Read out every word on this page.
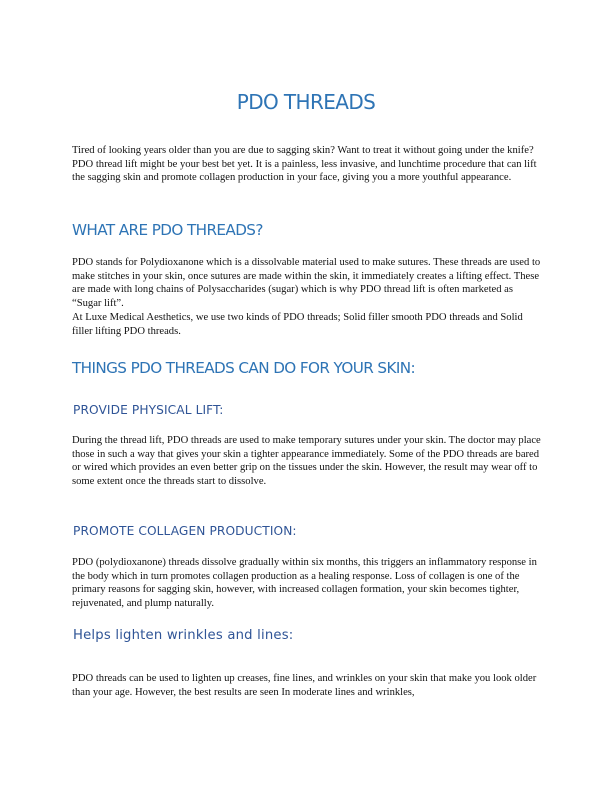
PDO THREADS

Tired of looking years older than you are due to sagging skin? Want to treat it without going under the knife? PDO thread lift might be your best bet yet. It is a painless, less invasive, and lunchtime procedure that can lift the sagging skin and promote collagen production in your face, giving you a more youthful appearance.

WHAT ARE PDO THREADS?

PDO stands for Polydioxanone which is a dissolvable material used to make sutures. These threads are used to make stitches in your skin, once sutures are made within the skin, it immediately creates a lifting effect. These are made with long chains of Polysaccharides (sugar) which is why PDO thread lift is often marketed as “Sugar lift”.

At Luxe Medical Aesthetics, we use two kinds of PDO threads; Solid filler smooth PDO threads and Solid filler lifting PDO threads.

THINGS PDO THREADS CAN DO FOR YOUR SKIN:
PROVIDE PHYSICAL LIFT:

During the thread lift, PDO threads are used to make temporary sutures under your skin. The doctor may place those in such a way that gives your skin a tighter appearance immediately. Some of the PDO threads are bared or wired which provides an even better grip on the tissues under the skin. However, the result may wear off to some extent once the threads start to dissolve.

PROMOTE COLLAGEN PRODUCTION:

PDO (polydioxanone) threads dissolve gradually within six months, this triggers an inflammatory response in the body which in turn promotes collagen production as a healing response. Loss of collagen is one of the primary reasons for sagging skin, however, with increased collagen formation, your skin becomes tighter, rejuvenated, and plump naturally.

Helps lighten wrinkles and lines:

PDO threads can be used to lighten up creases, fine lines, and wrinkles on your skin that make you look older than your age. However, the best results are seen In moderate lines and wrinkles,
